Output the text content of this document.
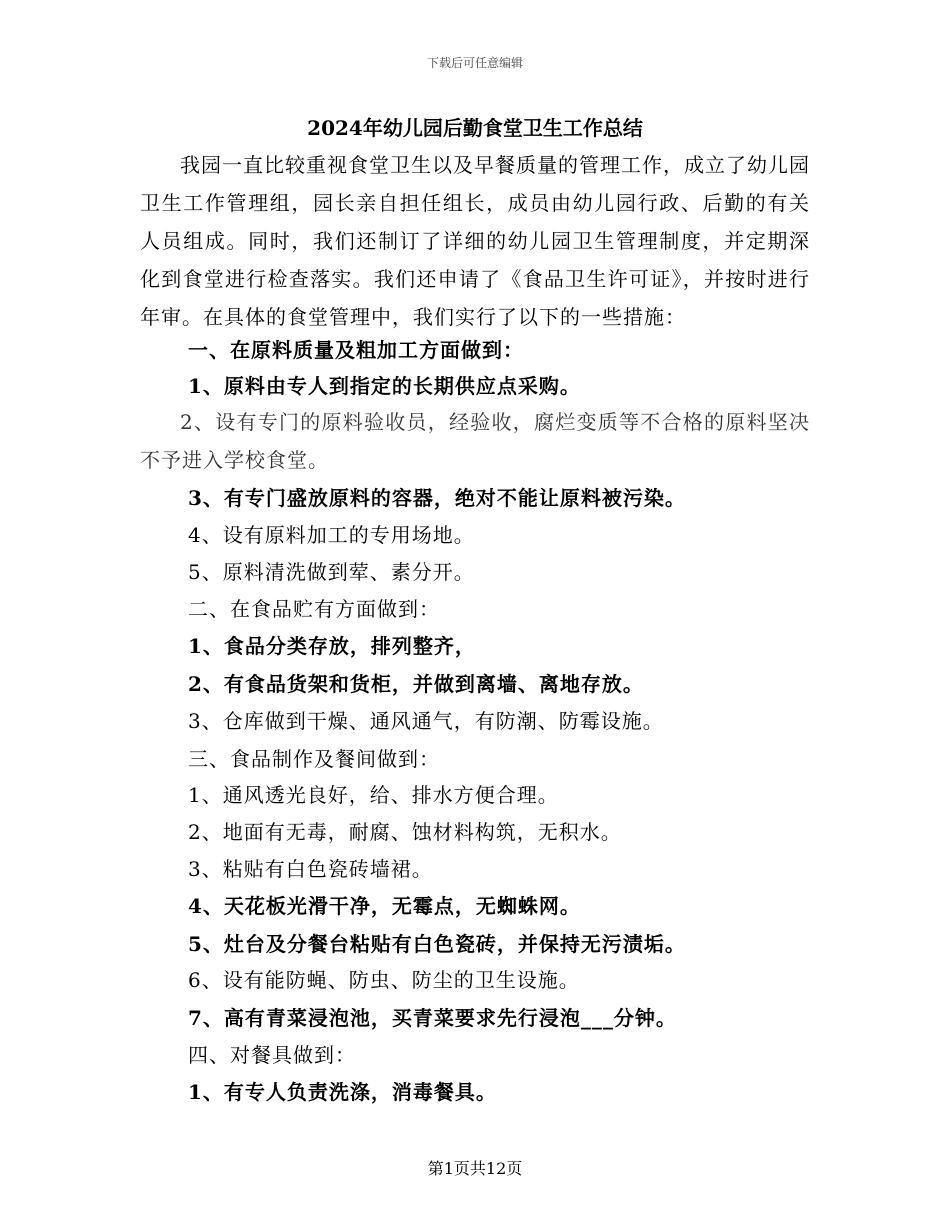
下载后可任意编辑
2024年幼儿园后勤食堂卫生工作总结

我园一直比较重视食堂卫生以及早餐质量的管理工作，成立了幼儿园卫生工作管理组，园长亲自担任组长，成员由幼儿园行政、后勤的有关人员组成。同时，我们还制订了详细的幼儿园卫生管理制度，并定期深化到食堂进行检查落实。我们还申请了《食品卫生许可证》，并按时进行年审。在具体的食堂管理中，我们实行了以下的一些措施：

一、在原料质量及粗加工方面做到：
1、原料由专人到指定的长期供应点采购。

2、设有专门的原料验收员，经验收，腐烂变质等不合格的原料坚决不予进入学校食堂。

3、有专门盛放原料的容器，绝对不能让原料被污染。
4、设有原料加工的专用场地。
5、原料清洗做到荤、素分开。
二、在食品贮有方面做到：
1、食品分类存放，排列整齐，
2、有食品货架和货柜，并做到离墙、离地存放。
3、仓库做到干燥、通风通气，有防潮、防霉设施。
三、食品制作及餐间做到：
1、通风透光良好，给、排水方便合理。
2、地面有无毒，耐腐、蚀材料构筑，无积水。
3、粘贴有白色瓷砖墙裙。
4、天花板光滑干净，无霉点，无蜘蛛网。
5、灶台及分餐台粘贴有白色瓷砖，并保持无污渍垢。
6、设有能防蝇、防虫、防尘的卫生设施。
7、高有青菜浸泡池，买青菜要求先行浸泡___分钟。
四、对餐具做到：
1、有专人负责洗涤，消毒餐具。
第1页共12页
